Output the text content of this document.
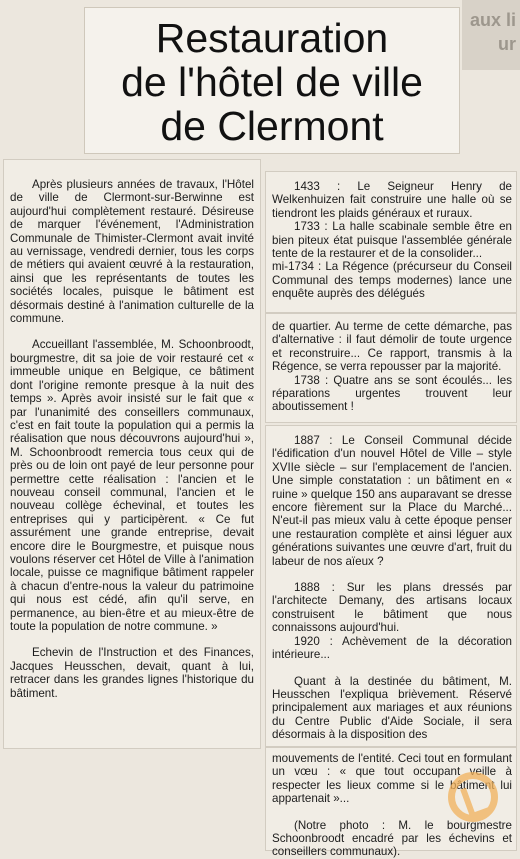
aux li
ur
Restauration
de l'hôtel de ville
de Clermont

Après plusieurs années de travaux, l'Hôtel de ville de Clermont-sur-Berwinne est aujourd'hui complètement restauré. Désireuse de marquer l'événement, l'Administration Communale de Thimister-Clermont avait invité au vernissage, vendredi dernier, tous les corps de métiers qui avaient œuvré à la restauration, ainsi que les représentants de toutes les sociétés locales, puisque le bâtiment est désormais destiné à l'animation culturelle de la commune.

Accueillant l'assemblée, M. Schoonbroodt, bourgmestre, dit sa joie de voir restauré cet « immeuble unique en Belgique, ce bâtiment dont l'origine remonte presque à la nuit des temps ». Après avoir insisté sur le fait que « par l'unanimité des conseillers communaux, c'est en fait toute la population qui a permis la réalisation que nous découvrons aujourd'hui », M. Schoonbroodt remercia tous ceux qui de près ou de loin ont payé de leur personne pour permettre cette réalisation : l'ancien et le nouveau conseil communal, l'ancien et le nouveau collège échevinal, et toutes les entreprises qui y participèrent. « Ce fut assurément une grande entreprise, devait encore dire le Bourgmestre, et puisque nous voulons réserver cet Hôtel de Ville à l'animation locale, puisse ce magnifique bâtiment rappeler à chacun d'entre-nous la valeur du patrimoine qui nous est cédé, afin qu'il serve, en permanence, au bien-être et au mieux-être de toute la population de notre commune. »

Echevin de l'Instruction et des Finances, Jacques Heusschen, devait, quant à lui, retracer dans les grandes lignes l'historique du bâtiment.

1433 : Le Seigneur Henry de Welkenhuizen fait construire une halle où se tiendront les plaids généraux et ruraux.

1733 : La halle scabinale semble être en bien piteux état puisque l'assemblée générale tente de la restaurer et de la consolider...

mi-1734 : La Régence (précurseur du Conseil Communal des temps modernes) lance une enquête auprès des délégués

de quartier. Au terme de cette démarche, pas d'alternative : il faut démolir de toute urgence et reconstruire... Ce rapport, transmis à la Régence, se verra repousser par la majorité.

1738 : Quatre ans se sont écoulés... les réparations urgentes trouvent leur aboutissement !

1887 : Le Conseil Communal décide l'édification d'un nouvel Hôtel de Ville – style XVIIe siècle – sur l'emplacement de l'ancien. Une simple constatation : un bâtiment en « ruine » quelque 150 ans auparavant se dresse encore fièrement sur la Place du Marché... N'eut-il pas mieux valu à cette époque penser une restauration complète et ainsi léguer aux générations suivantes une œuvre d'art, fruit du labeur de nos aïeux ?

1888 : Sur les plans dressés par l'architecte Demany, des artisans locaux construisent le bâtiment que nous connaissons aujourd'hui.

1920 : Achèvement de la décoration intérieure...

Quant à la destinée du bâtiment, M. Heusschen l'expliqua brièvement. Réservé principalement aux mariages et aux réunions du Centre Public d'Aide Sociale, il sera désormais à la disposition des

mouvements de l'entité. Ceci tout en formulant un vœu : « que tout occupant veille à respecter les lieux comme si le bâtiment lui appartenait »...

(Notre photo : M. le bourgmestre Schoonbroodt encadré par les échevins et conseillers communaux).
